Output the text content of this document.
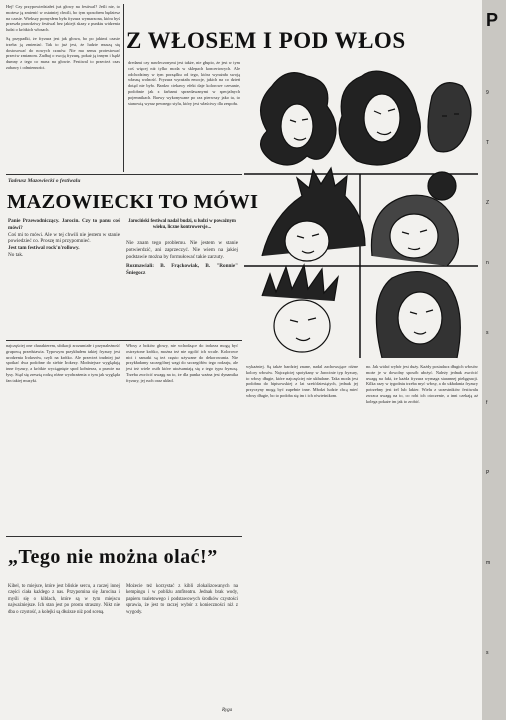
Hej! Czy przypowiedziałeś już głowy na festiwal? Jeśli nie, to możesz ją zmienić w ostatniej chwili, bo tym sposobem będziesz na czasie. Wiekszy pomysłem była fryzura wymarzona, która byś przeszła prawdziwy festiwal bez jakiejś skazy z punktu widzenia ludzi o krótkich włosach.

Są przypadki, że fryzura jest jak głowa, bo po jakimś czasie trzeba ją zmieniać. Tak to już jest, że ludzie muszą się dostosować do nowych czasów. Nie ma sensu protestować przeciw zmianom. Zadbaj o swoją fryzurę, pokaż ją innym i bądź dumny z tego co masz na głowie. Festiwal to przecież czas zabawy i odmienności.

Z WŁOSEM I POD WŁOS

dredami czy nawleczonymi jest także, nie głupio, że jest w tym coś więcej niż tylko moda w sklepach koncertowych. Ale odchodzimy w tym porządku od tego, która wyrażała swoją własną wolność. Fryzura wyrażała emocje, jakich na co dzień dotąd nie było. Bardzo ciekawy efekt daje kolorowe czesanie, podobnie jak z farbami sprzedawanymi w specjalnych pojemnikach. Barwy wykonywane po raz pierwszy jako ta, to stanowią wyraz pewnego stylu, który jest właściwy dla zespołu.

Tadeusz Mazowiecki o festiwalu
MAZOWIECKI TO MÓWI

Panie Przewodniczący. Jarocin. Czy to panu coś mówi?

Coś mi to mówi. Ale w tej chwili nie jestem w stanie powiedzieć co. Proszę mi przypomnieć.

Jest tam festiwal rock'n'rollowy.

No tak.

Jarociński festiwal nadal budzi, u ludzi w poważnym wieku, liczne kontrowersje...

Nie znam tego problemu. Nie jestem w stanie potwierdzić, ani zaprzeczyć. Nie wiem na jakiej podstawie można by formułować takie zarzuty.

Rozmawiali: B. Frąckowiak, B. "Ronnie" Śniegocz

najczęściej one charakterem, ubikacji zrozumiałe i przynależność grupową przedstawia. Typowym przykładem takiej fryzury jest urodzenia Irokezów, czyli na krótko. Ale przecież trudniej już spotkać dwa podobne do siebie Irokezy. Modniejsze wyglądają inne fryzury, a krótkie wyciągnięte spod kołnierza, a prawie na łysy. Stąd się zresztą rodzą różne wyobrażenia o tym jak wygląda fan takiej muzyki.

Włosy z boków głowy, nie wchodzące do irokeza mogą być ostrzyżone krótko, można też nie ogolić ich wcale. Kolorowe nici i sznurki są też często używane do dekorowania. Nie przykładamy szczególnej wagi do szczegółów tego rodzaju, ale jest też wiele osób które utożsamiają się z tego typu fryzurą. Trzeba zwrócić uwagę na to, że dla punka ważna jest dynamika fryzury, jej ruch oraz układ.

wykażniej. Są także bardziej znane, nadal zachowujące różne kolory włosów. Najczęściej spotykany w Jarocinie typ fryzury, to włosy długie, które najczęściej nie układane. Taka moda jest podobna do hipisowskiej z lat sześćdziesiątych, jednak jej przyczyny mogą być zupełnie inne. Młodzi ludzie chcą mieć włosy długie, bo to podoba się im i ich rówieśnikom.

no. Jak widać wybór jest duży. Każdy posiadacz długich włosów może je w dowolny sposób ułożyć. Należy jednak zwrócić uwagę na fakt, że każda fryzura wymaga starannej pielęgnacji. Kilka razy w tygodniu trzeba myć włosy, a do układania fryzury potrzebny jest żel lub lakier. Wielu z uczestników festiwalu zwraca uwagę na to, co robi ich otoczenie, a inni czekają aż kolega pokaże im jak to zrobić.

„Tego nie można olać!”

Kibel, to miejsce, które jest bliskie sercu, a raczej innej części ciała każdego z nas. Przypomina się Jarocina i myśli się o kiblach, które są w tym miejscu najważniejsze. Ich stan jest po prostu straszny. Nikt nie dba o czystość, a kolejki są dłuższe niż pod sceną.

Możecie też korzystać z kibli zlokalizowanych na kempingu i w pobliżu amfiteatru. Jednak brak wody, papieru toaletowego i podstawowych środków czystości sprawia, że jest to raczej wybór z konieczności niż z wygody.

Ryga
P
9
T
Z
n
s
f
P
m
s
